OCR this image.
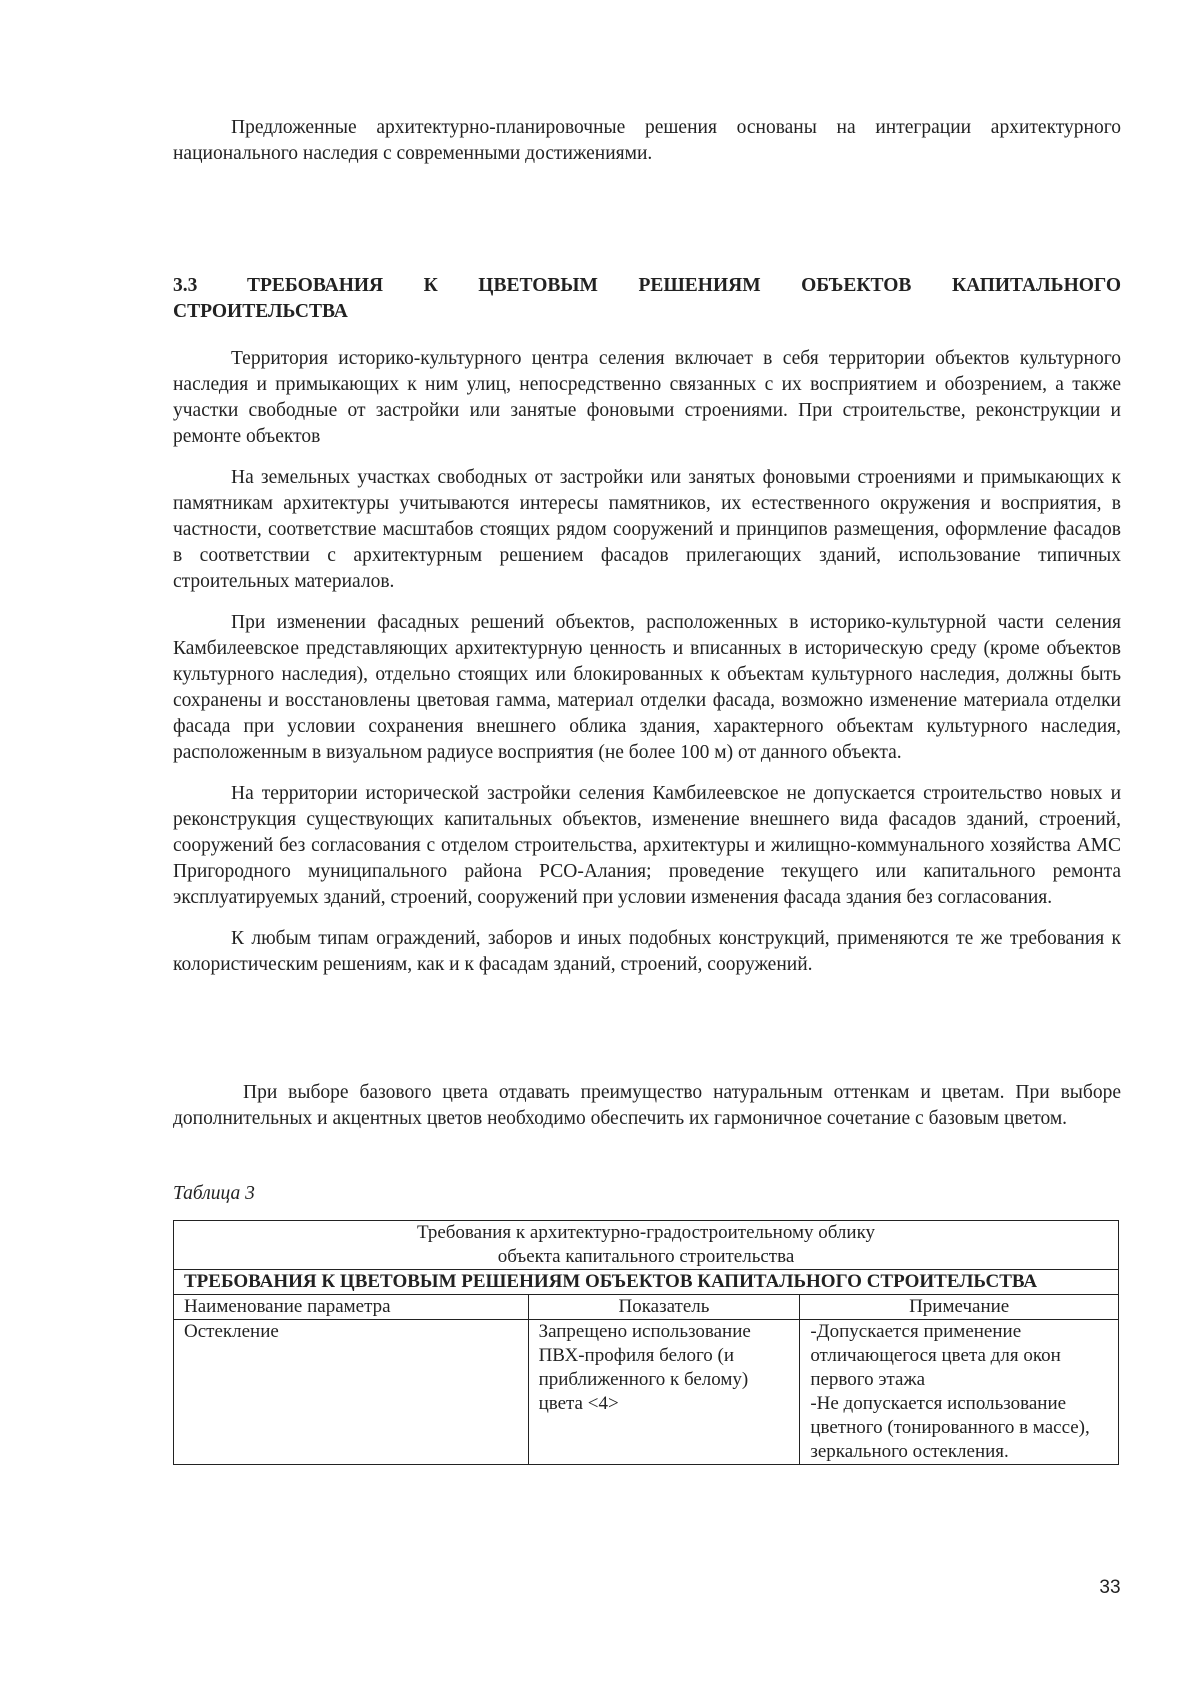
Предложенные архитектурно-планировочные решения основаны на интеграции архитектурного национального наследия с современными достижениями.

3.3	ТРЕБОВАНИЯ К ЦВЕТОВЫМ РЕШЕНИЯМ ОБЪЕКТОВ КАПИТАЛЬНОГО СТРОИТЕЛЬСТВА

Территория историко-культурного центра селения включает в себя территории объектов культурного наследия и примыкающих к ним улиц, непосредственно связанных с их восприятием и обозрением, а также участки свободные от застройки или занятые фоновыми строениями. При строительстве, реконструкции и ремонте объектов

На земельных участках свободных от застройки или занятых фоновыми строениями и примыкающих к памятникам архитектуры учитываются интересы памятников, их естественного окружения и восприятия, в частности, соответствие масштабов стоящих рядом сооружений и принципов размещения, оформление фасадов в соответствии с архитектурным решением фасадов прилегающих зданий, использование типичных строительных материалов.

При изменении фасадных решений объектов, расположенных в историко-культурной части селения Камбилеевское представляющих архитектурную ценность и вписанных в историческую среду (кроме объектов культурного наследия), отдельно стоящих или блокированных к объектам культурного наследия, должны быть сохранены и восстановлены цветовая гамма, материал отделки фасада, возможно изменение материала отделки фасада при условии сохранения внешнего облика здания, характерного объектам культурного наследия, расположенным в визуальном радиусе восприятия (не более 100 м) от данного объекта.

На территории исторической застройки селения Камбилеевское не допускается строительство новых и реконструкция существующих капитальных объектов, изменение внешнего вида фасадов зданий, строений, сооружений без согласования с отделом строительства, архитектуры и жилищно-коммунального хозяйства АМС Пригородного муниципального района РСО-Алания; проведение текущего или капитального ремонта эксплуатируемых зданий, строений, сооружений при условии изменения фасада здания без согласования.

К любым типам ограждений, заборов и иных подобных конструкций, применяются те же требования к колористическим решениям, как и к фасадам зданий, строений, сооружений.

При выборе базового цвета отдавать преимущество натуральным оттенкам и цветам. При выборе дополнительных и акцентных цветов необходимо обеспечить их гармоничное сочетание с базовым цветом.

Таблица 3
Требования к архитектурно-градостроительному облику
объекта капитального строительства		

ТРЕБОВАНИЯ К ЦВЕТОВЫМ РЕШЕНИЯМ ОБЪЕКТОВ КАПИТАЛЬНОГО СТРОИТЕЛЬСТВА		
Наименование параметра	Показатель	Примечание
Остекление	Запрещено использование ПВХ-профиля белого (и приближенного к белому) цвета <4>	-Допускается применение отличающегося цвета для окон первого этажа
-Не допускается использование цветного (тонированного в массе), зеркального остекления.
33
